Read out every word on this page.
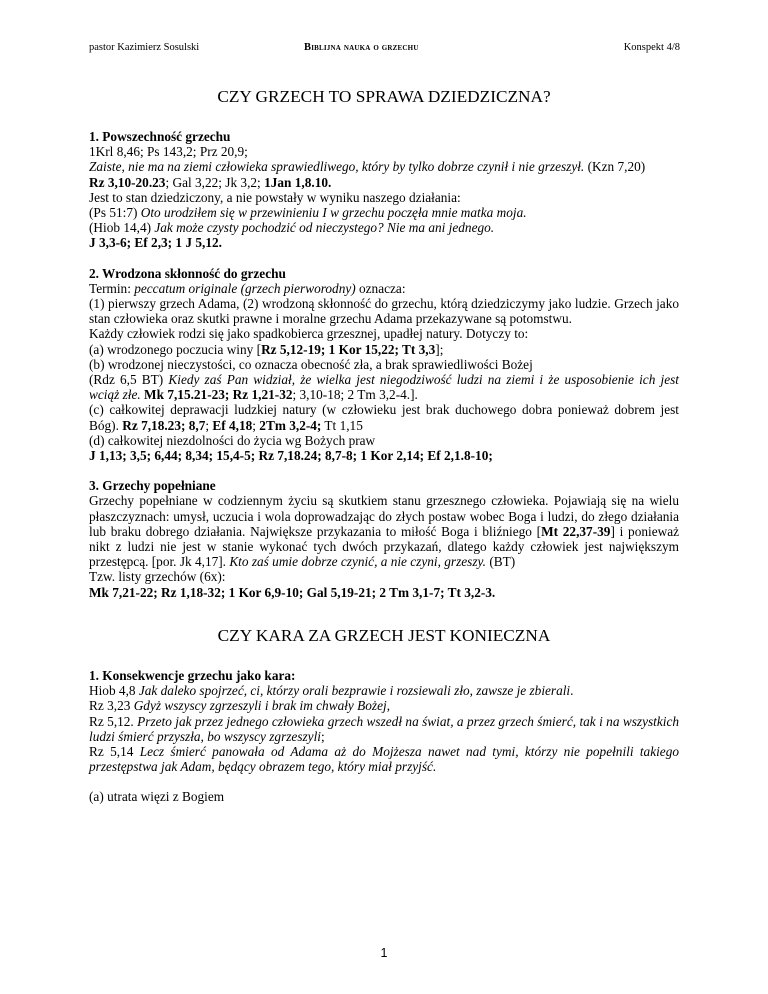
pastor Kazimierz Sosulski	Biblijna nauka o grzechu	Konspekt 4/8
CZY GRZECH TO SPRAWA DZIEDZICZNA?

1. Powszechność grzechu

1Krl 8,46; Ps 143,2; Prz 20,9;

Zaiste, nie ma na ziemi człowieka sprawiedliwego, który by tylko dobrze czynił i nie grzeszył. (Kzn 7,20)

Rz 3,10-20.23; Gal 3,22; Jk 3,2; 1Jan 1,8.10.

Jest to stan dziedziczony, a nie powstały w wyniku naszego działania:

(Ps 51:7) Oto urodziłem się w przewinieniu I w grzechu poczęła mnie matka moja.

(Hiob 14,4) Jak może czysty pochodzić od nieczystego? Nie ma ani jednego.

J 3,3-6; Ef 2,3; 1 J 5,12.

2. Wrodzona skłonność do grzechu

Termin: peccatum originale (grzech pierworodny) oznacza:

(1) pierwszy grzech Adama, (2) wrodzoną skłonność do grzechu, którą dziedziczymy jako ludzie. Grzech jako stan człowieka oraz skutki prawne i moralne grzechu Adama przekazywane są potomstwu.

Każdy człowiek rodzi się jako spadkobierca grzesznej, upadłej natury. Dotyczy to:

(a) wrodzonego poczucia winy [Rz 5,12-19; 1 Kor 15,22; Tt 3,3];

(b) wrodzonej nieczystości, co oznacza obecność zła, a brak sprawiedliwości Bożej

(Rdz 6,5 BT) Kiedy zaś Pan widział, że wielka jest niegodziwość ludzi na ziemi i że usposobienie ich jest wciąż złe. Mk 7,15.21-23; Rz 1,21-32; 3,10-18; 2 Tm 3,2-4.].

(c) całkowitej deprawacji ludzkiej natury (w człowieku jest brak duchowego dobra ponieważ dobrem jest Bóg). Rz 7,18.23; 8,7; Ef 4,18; 2Tm 3,2-4; Tt 1,15

(d) całkowitej niezdolności do życia wg Bożych praw

J 1,13; 3,5; 6,44; 8,34; 15,4-5; Rz 7,18.24; 8,7-8; 1 Kor 2,14; Ef 2,1.8-10;

3. Grzechy popełniane

Grzechy popełniane w codziennym życiu są skutkiem stanu grzesznego człowieka. Pojawiają się na wielu płaszczyznach: umysł, uczucia i wola doprowadzając do złych postaw wobec Boga i ludzi, do złego działania lub braku dobrego działania. Największe przykazania to miłość Boga i bliźniego [Mt 22,37-39] i ponieważ nikt z ludzi nie jest w stanie wykonać tych dwóch przykazań, dlatego każdy człowiek jest największym przestępcą. [por. Jk 4,17]. Kto zaś umie dobrze czynić, a nie czyni, grzeszy. (BT)

Tzw. listy grzechów (6x):

Mk 7,21-22; Rz 1,18-32; 1 Kor 6,9-10; Gal 5,19-21; 2 Tm 3,1-7; Tt 3,2-3.

CZY KARA ZA GRZECH JEST KONIECZNA

1. Konsekwencje grzechu jako kara:

Hiob 4,8 Jak daleko spojrzeć, ci, którzy orali bezprawie i rozsiewali zło, zawsze je zbierali.

Rz 3,23 Gdyż wszyscy zgrzeszyli i brak im chwały Bożej,

Rz 5,12. Przeto jak przez jednego człowieka grzech wszedł na świat, a przez grzech śmierć, tak i na wszystkich ludzi śmierć przyszła, bo wszyscy zgrzeszyli;

Rz 5,14 Lecz śmierć panowała od Adama aż do Mojżesza nawet nad tymi, którzy nie popełnili takiego przestępstwa jak Adam, będący obrazem tego, który miał przyjść.

(a) utrata więzi z Bogiem

1
